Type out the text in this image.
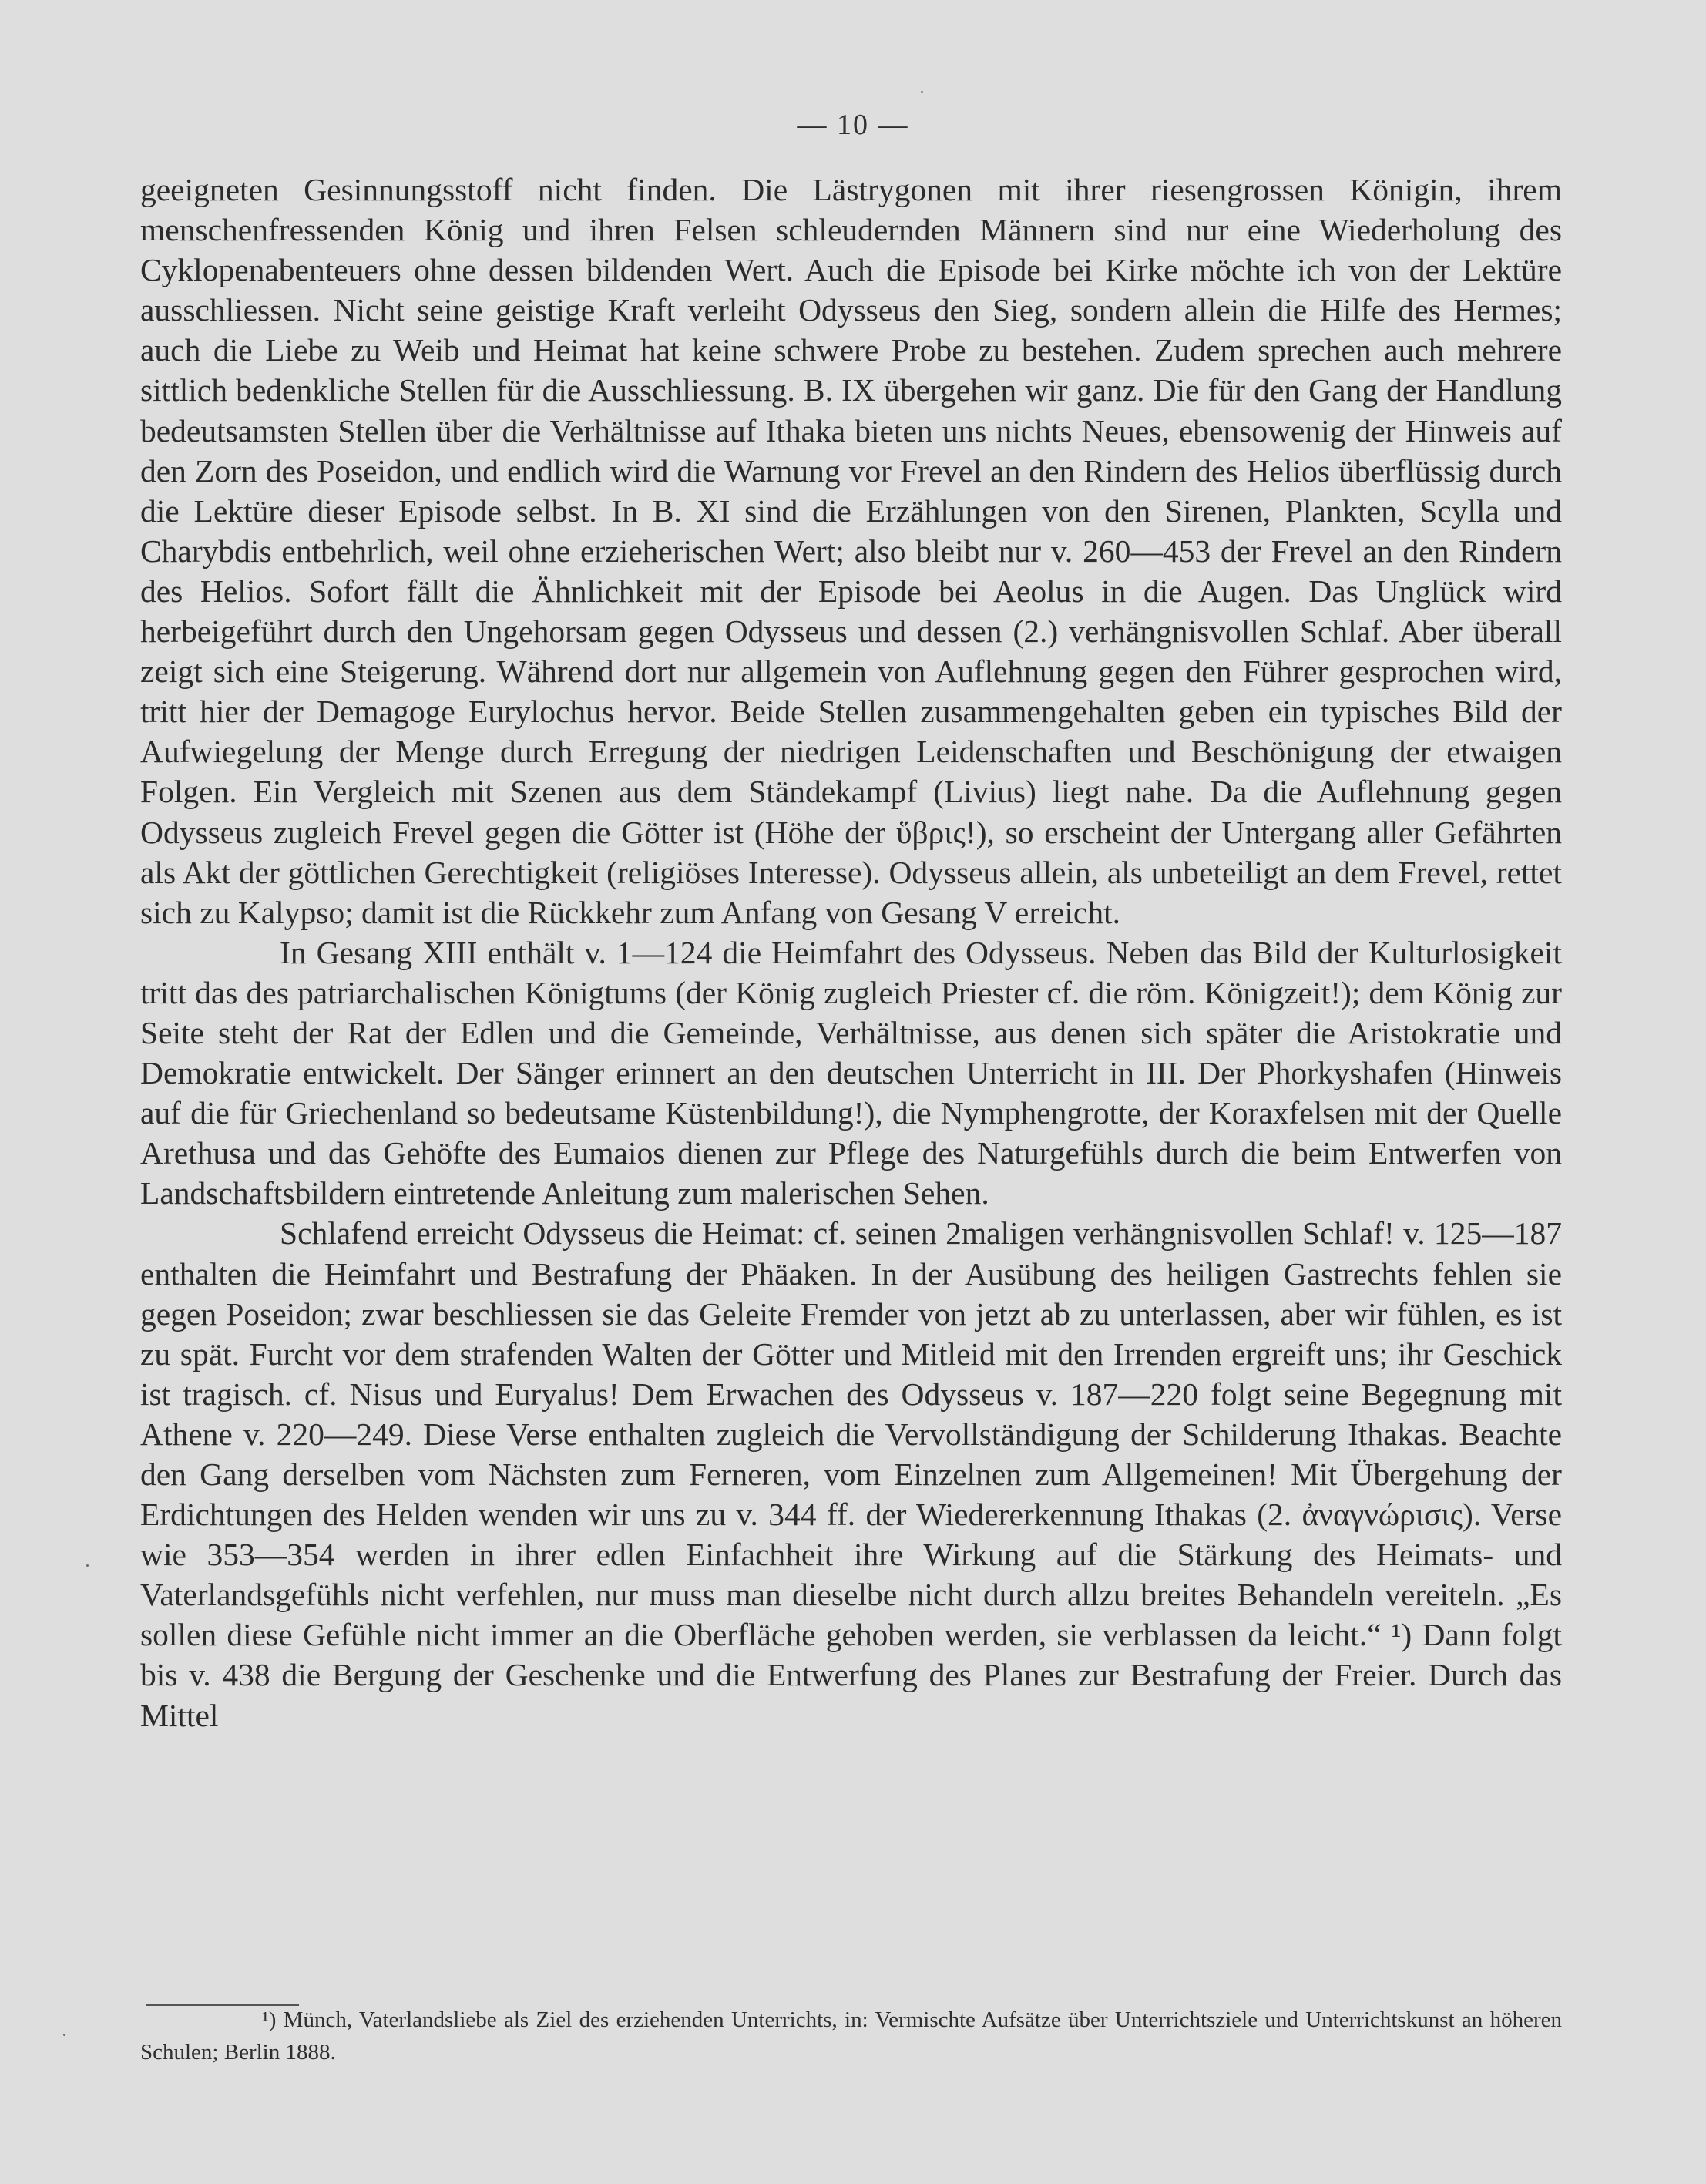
— 10 —

geeigneten Gesinnungsstoff nicht finden. Die Lästrygonen mit ihrer riesengrossen Königin, ihrem menschenfressenden König und ihren Felsen schleudernden Männern sind nur eine Wiederholung des Cyklopenabenteuers ohne dessen bildenden Wert. Auch die Episode bei Kirke möchte ich von der Lektüre ausschliessen. Nicht seine geistige Kraft verleiht Odysseus den Sieg, sondern allein die Hilfe des Hermes; auch die Liebe zu Weib und Heimat hat keine schwere Probe zu bestehen. Zudem sprechen auch mehrere sittlich bedenkliche Stellen für die Ausschliessung. B. IX übergehen wir ganz. Die für den Gang der Handlung bedeutsamsten Stellen über die Verhältnisse auf Ithaka bieten uns nichts Neues, ebensowenig der Hinweis auf den Zorn des Poseidon, und endlich wird die Warnung vor Frevel an den Rindern des Helios überflüssig durch die Lektüre dieser Episode selbst. In B. XI sind die Erzählungen von den Sirenen, Plankten, Scylla und Charybdis entbehrlich, weil ohne erzieherischen Wert; also bleibt nur v. 260—453 der Frevel an den Rindern des Helios. Sofort fällt die Ähnlichkeit mit der Episode bei Aeolus in die Augen. Das Unglück wird herbeigeführt durch den Ungehorsam gegen Odysseus und dessen (2.) verhängnisvollen Schlaf. Aber überall zeigt sich eine Steigerung. Während dort nur allgemein von Auflehnung gegen den Führer gesprochen wird, tritt hier der Demagoge Eurylochus hervor. Beide Stellen zusammengehalten geben ein typisches Bild der Aufwiegelung der Menge durch Erregung der niedrigen Leidenschaften und Beschönigung der etwaigen Folgen. Ein Vergleich mit Szenen aus dem Ständekampf (Livius) liegt nahe. Da die Auflehnung gegen Odysseus zugleich Frevel gegen die Götter ist (Höhe der ὕβρις!), so erscheint der Untergang aller Gefährten als Akt der göttlichen Gerechtigkeit (religiöses Interesse). Odysseus allein, als unbeteiligt an dem Frevel, rettet sich zu Kalypso; damit ist die Rückkehr zum Anfang von Gesang V erreicht.

In Gesang XIII enthält v. 1—124 die Heimfahrt des Odysseus. Neben das Bild der Kulturlosigkeit tritt das des patriarchalischen Königtums (der König zugleich Priester cf. die röm. Königzeit!); dem König zur Seite steht der Rat der Edlen und die Gemeinde, Verhältnisse, aus denen sich später die Aristokratie und Demokratie entwickelt. Der Sänger erinnert an den deutschen Unterricht in III. Der Phorkyshafen (Hinweis auf die für Griechenland so bedeutsame Küstenbildung!), die Nymphengrotte, der Koraxfelsen mit der Quelle Arethusa und das Gehöfte des Eumaios dienen zur Pflege des Naturgefühls durch die beim Entwerfen von Landschaftsbildern eintretende Anleitung zum malerischen Sehen.

Schlafend erreicht Odysseus die Heimat: cf. seinen 2maligen verhängnisvollen Schlaf! v. 125—187 enthalten die Heimfahrt und Bestrafung der Phäaken. In der Ausübung des heiligen Gastrechts fehlen sie gegen Poseidon; zwar beschliessen sie das Geleite Fremder von jetzt ab zu unterlassen, aber wir fühlen, es ist zu spät. Furcht vor dem strafenden Walten der Götter und Mitleid mit den Irrenden ergreift uns; ihr Geschick ist tragisch. cf. Nisus und Euryalus! Dem Erwachen des Odysseus v. 187—220 folgt seine Begegnung mit Athene v. 220—249. Diese Verse enthalten zugleich die Vervollständigung der Schilderung Ithakas. Beachte den Gang derselben vom Nächsten zum Ferneren, vom Einzelnen zum Allgemeinen! Mit Übergehung der Erdichtungen des Helden wenden wir uns zu v. 344 ff. der Wiedererkennung Ithakas (2. ἀναγνώρισις). Verse wie 353—354 werden in ihrer edlen Einfachheit ihre Wirkung auf die Stärkung des Heimats- und Vaterlandsgefühls nicht verfehlen, nur muss man dieselbe nicht durch allzu breites Behandeln vereiteln. „Es sollen diese Gefühle nicht immer an die Oberfläche gehoben werden, sie verblassen da leicht.“ ¹) Dann folgt bis v. 438 die Bergung der Geschenke und die Entwerfung des Planes zur Bestrafung der Freier. Durch das Mittel

¹) Münch, Vaterlandsliebe als Ziel des erziehenden Unterrichts, in: Vermischte Aufsätze über Unterrichtsziele und Unterrichtskunst an höheren Schulen; Berlin 1888.
